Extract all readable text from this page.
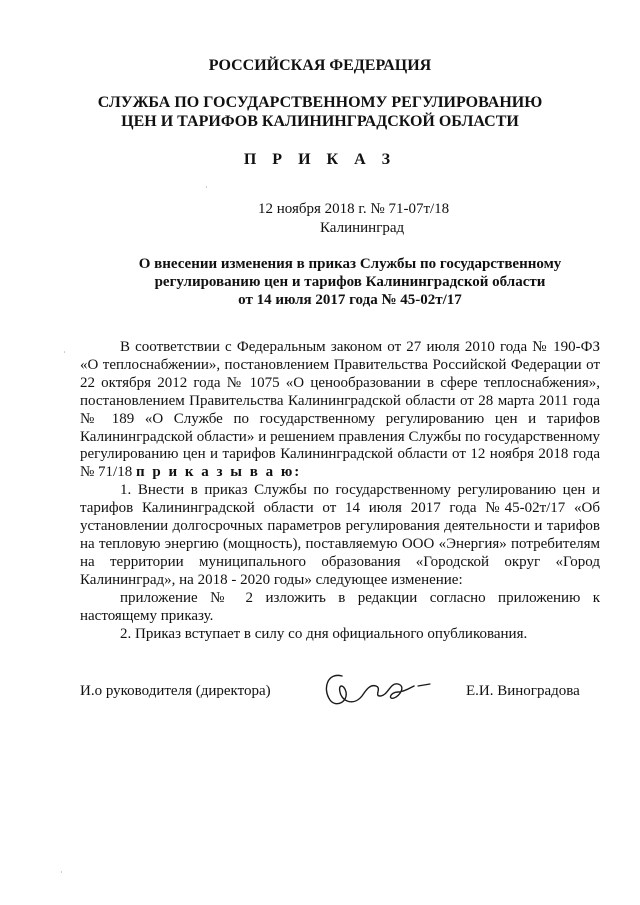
РОССИЙСКАЯ ФЕДЕРАЦИЯ
СЛУЖБА ПО ГОСУДАРСТВЕННОМУ РЕГУЛИРОВАНИЮ
ЦЕН И ТАРИФОВ КАЛИНИНГРАДСКОЙ ОБЛАСТИ
П Р И К А З
12 ноября 2018 г. № 71-07т/18
Калининград
О внесении изменения в приказ Службы по государственному
регулированию цен и тарифов Калининградской области
от 14 июля 2017 года № 45-02т/17

В соответствии с Федеральным законом от 27 июля 2010 года № 190-ФЗ «О теплоснабжении», постановлением Правительства Российской Федерации от 22 октября 2012 года № 1075 «О ценообразовании в сфере теплоснабжения», постановлением Правительства Калининградской области от 28 марта 2011 года № 189 «О Службе по государственному регулированию цен и тарифов Калининградской области» и решением правления Службы по государственному регулированию цен и тарифов Калининградской области от 12 ноября 2018 года № 71/18 п р и к а з ы в а ю:

1. Внести в приказ Службы по государственному регулированию цен и тарифов Калининградской области от 14 июля 2017 года №45-02т/17 «Об установлении долгосрочных параметров регулирования деятельности и тарифов на тепловую энергию (мощность), поставляемую ООО «Энергия» потребителям на территории муниципального образования «Городской округ «Город Калининград», на 2018 - 2020 годы» следующее изменение:

приложение № 2 изложить в редакции согласно приложению к настоящему приказу.

2. Приказ вступает в силу со дня официального опубликования.

И.о руководителя (директора)	Е.И. Виноградова
·
·
·
